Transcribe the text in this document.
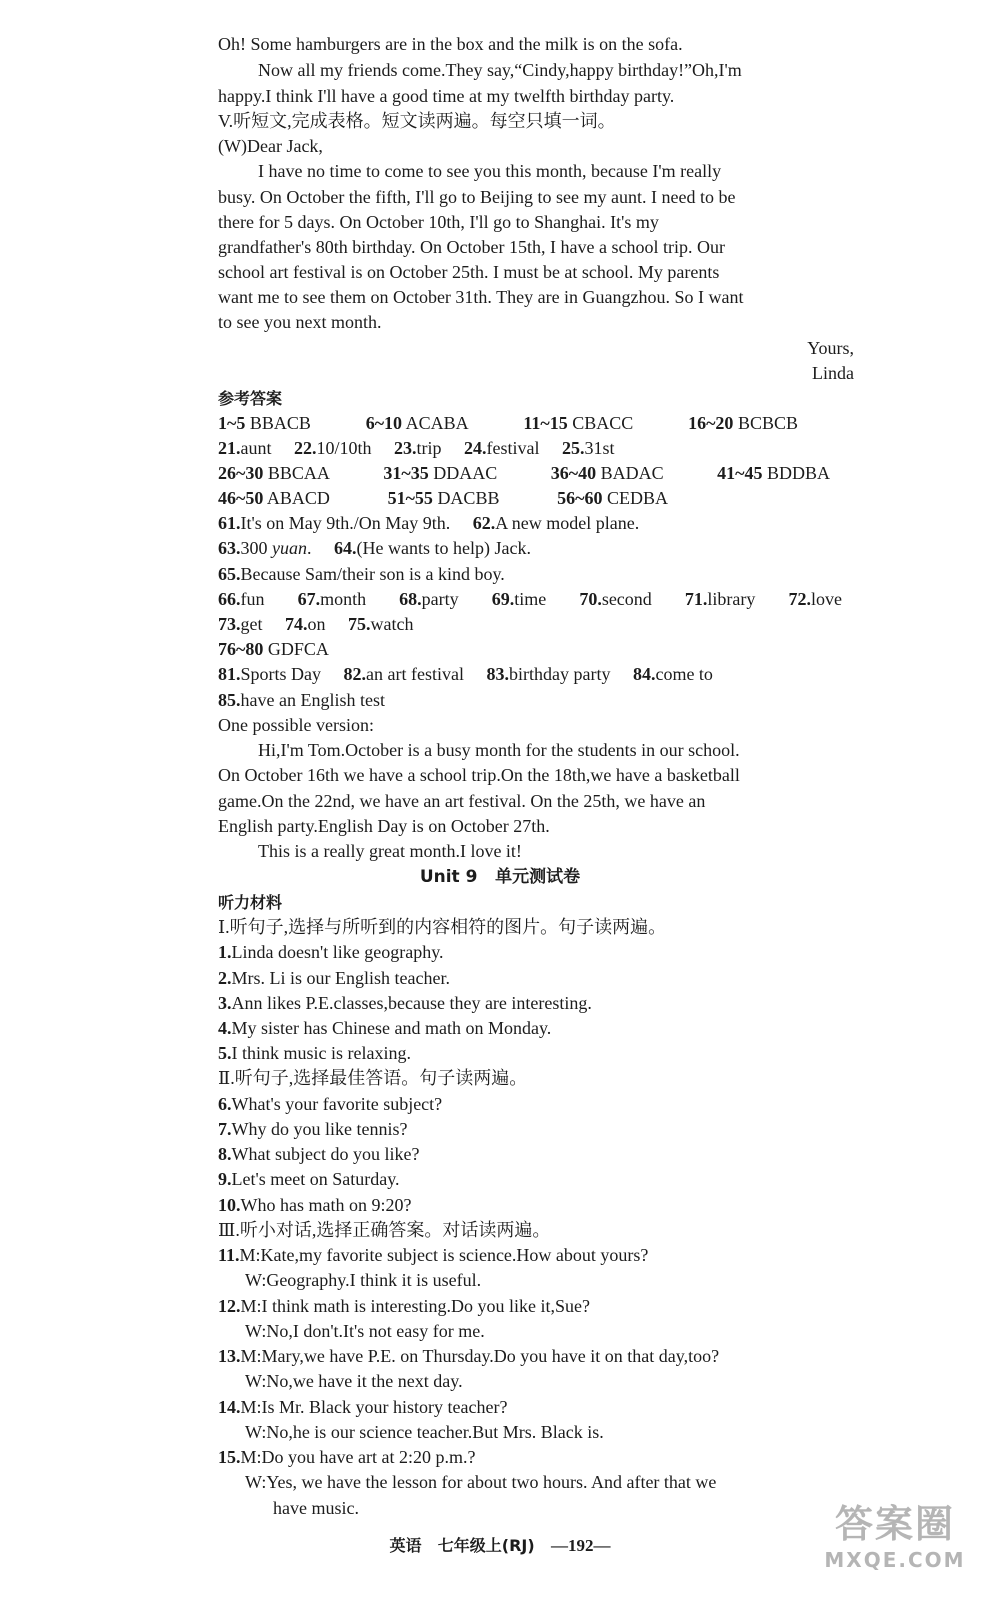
Oh! Some hamburgers are in the box and the milk is on the sofa.
Now all my friends come.They say,“Cindy,happy birthday!”Oh,I'm
happy.I think I'll have a good time at my twelfth birthday party.
V.听短文,完成表格。短文读两遍。每空只填一词。
(W)Dear Jack,
I have no time to come to see you this month, because I'm really
busy. On October the fifth, I'll go to Beijing to see my aunt. I need to be
there for 5 days. On October 10th, I'll go to Shanghai. It's my
grandfather's 80th birthday. On October 15th, I have a school trip. Our
school art festival is on October 25th. I must be at school. My parents
want me to see them on October 31th. They are in Guangzhou. So I want
to see you next month.
Yours,
Linda
参考答案
1~5 BBACB	6~10 ACABA	11~15 CBACC	16~20 BCBCB
21.aunt 22.10/10th 23.trip 24.festival 25.31st
26~30 BBCAA	31~35 DDAAC	36~40 BADAC	41~45 BDDBA
46~50 ABACD	51~55 DACBB	56~60 CEDBA
61.It's on May 9th./On May 9th. 62.A new model plane.
63.300 yuan. 64.(He wants to help) Jack.
65.Because Sam/their son is a kind boy.
66.fun 67.month 68.party 69.time 70.second 71.library 72.love
73.get 74.on 75.watch
76~80 GDFCA
81.Sports Day 82.an art festival 83.birthday party 84.come to
85.have an English test
One possible version:
Hi,I'm Tom.October is a busy month for the students in our school.
On October 16th we have a school trip.On the 18th,we have a basketball
game.On the 22nd, we have an art festival. On the 25th, we have an
English party.English Day is on October 27th.
This is a really great month.I love it!
Unit 9   单元测试卷
听力材料
Ⅰ.听句子,选择与所听到的内容相符的图片。句子读两遍。
1.Linda doesn't like geography.
2.Mrs. Li is our English teacher.
3.Ann likes P.E.classes,because they are interesting.
4.My sister has Chinese and math on Monday.
5.I think music is relaxing.
Ⅱ.听句子,选择最佳答语。句子读两遍。
6.What's your favorite subject?
7.Why do you like tennis?
8.What subject do you like?
9.Let's meet on Saturday.
10.Who has math on 9:20?
Ⅲ.听小对话,选择正确答案。对话读两遍。
11.M:Kate,my favorite subject is science.How about yours?
W:Geography.I think it is useful.
12.M:I think math is interesting.Do you like it,Sue?
W:No,I don't.It's not easy for me.
13.M:Mary,we have P.E. on Thursday.Do you have it on that day,too?
W:No,we have it the next day.
14.M:Is Mr. Black your history teacher?
W:No,he is our science teacher.But Mrs. Black is.
15.M:Do you have art at 2:20 p.m.?
W:Yes, we have the lesson for about two hours. And after that we
have music.
英语 七年级上(RJ) —192—	答案圈
MXQE.COM
